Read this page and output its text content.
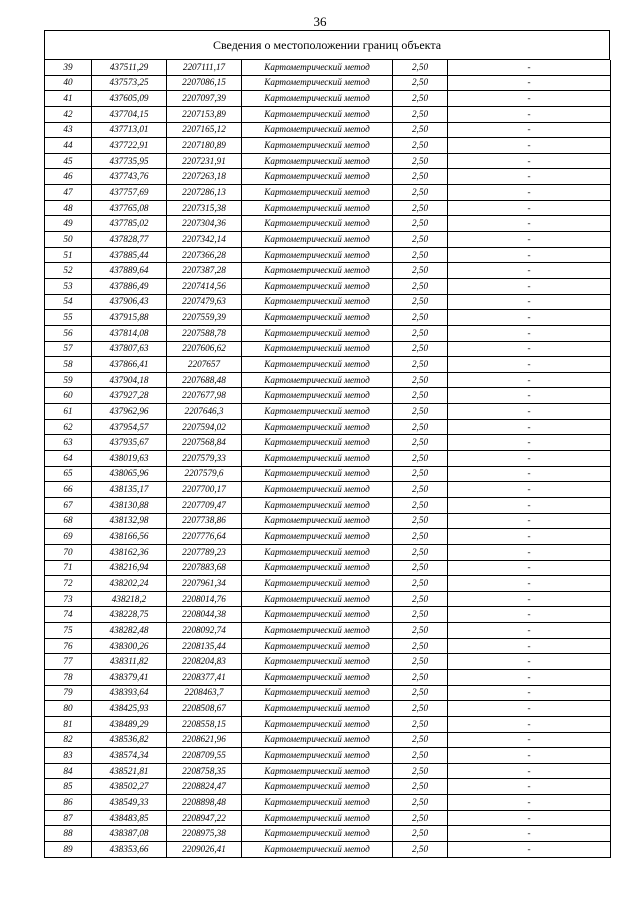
36
Сведения о местоположении границ объекта
39	437511,29	2207111,17	Картометрический метод	2,50	-
40	437573,25	2207086,15	Картометрический метод	2,50	-
41	437605,09	2207097,39	Картометрический метод	2,50	-
42	437704,15	2207153,89	Картометрический метод	2,50	-
43	437713,01	2207165,12	Картометрический метод	2,50	-
44	437722,91	2207180,89	Картометрический метод	2,50	-
45	437735,95	2207231,91	Картометрический метод	2,50	-
46	437743,76	2207263,18	Картометрический метод	2,50	-
47	437757,69	2207286,13	Картометрический метод	2,50	-
48	437765,08	2207315,38	Картометрический метод	2,50	-
49	437785,02	2207304,36	Картометрический метод	2,50	-
50	437828,77	2207342,14	Картометрический метод	2,50	-
51	437885,44	2207366,28	Картометрический метод	2,50	-
52	437889,64	2207387,28	Картометрический метод	2,50	-
53	437886,49	2207414,56	Картометрический метод	2,50	-
54	437906,43	2207479,63	Картометрический метод	2,50	-
55	437915,88	2207559,39	Картометрический метод	2,50	-
56	437814,08	2207588,78	Картометрический метод	2,50	-
57	437807,63	2207606,62	Картометрический метод	2,50	-
58	437866,41	2207657	Картометрический метод	2,50	-
59	437904,18	2207688,48	Картометрический метод	2,50	-
60	437927,28	2207677,98	Картометрический метод	2,50	-
61	437962,96	2207646,3	Картометрический метод	2,50	-
62	437954,57	2207594,02	Картометрический метод	2,50	-
63	437935,67	2207568,84	Картометрический метод	2,50	-
64	438019,63	2207579,33	Картометрический метод	2,50	-
65	438065,96	2207579,6	Картометрический метод	2,50	-
66	438135,17	2207700,17	Картометрический метод	2,50	-
67	438130,88	2207709,47	Картометрический метод	2,50	-
68	438132,98	2207738,86	Картометрический метод	2,50	-
69	438166,56	2207776,64	Картометрический метод	2,50	-
70	438162,36	2207789,23	Картометрический метод	2,50	-
71	438216,94	2207883,68	Картометрический метод	2,50	-
72	438202,24	2207961,34	Картометрический метод	2,50	-
73	438218,2	2208014,76	Картометрический метод	2,50	-
74	438228,75	2208044,38	Картометрический метод	2,50	-
75	438282,48	2208092,74	Картометрический метод	2,50	-
76	438300,26	2208135,44	Картометрический метод	2,50	-
77	438311,82	2208204,83	Картометрический метод	2,50	-
78	438379,41	2208377,41	Картометрический метод	2,50	-
79	438393,64	2208463,7	Картометрический метод	2,50	-
80	438425,93	2208508,67	Картометрический метод	2,50	-
81	438489,29	2208558,15	Картометрический метод	2,50	-
82	438536,82	2208621,96	Картометрический метод	2,50	-
83	438574,34	2208709,55	Картометрический метод	2,50	-
84	438521,81	2208758,35	Картометрический метод	2,50	-
85	438502,27	2208824,47	Картометрический метод	2,50	-
86	438549,33	2208898,48	Картометрический метод	2,50	-
87	438483,85	2208947,22	Картометрический метод	2,50	-
88	438387,08	2208975,38	Картометрический метод	2,50	-
89	438353,66	2209026,41	Картометрический метод	2,50	-
